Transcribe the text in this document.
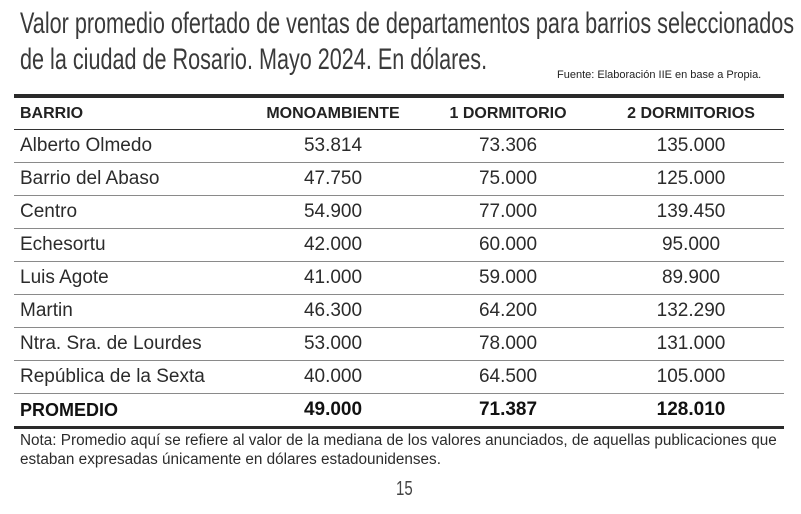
Valor promedio ofertado de ventas de departamentos para barrios seleccionados
de la ciudad de Rosario. Mayo 2024. En dólares.	Fuente: Elaboración IIE en base a Propia.
BARRIO	MONOAMBIENTE	1 DORMITORIO	2 DORMITORIOS
Alberto Olmedo	53.814	73.306	135.000
Barrio del Abaso	47.750	75.000	125.000
Centro	54.900	77.000	139.450
Echesortu	42.000	60.000	95.000
Luis Agote	41.000	59.000	89.900
Martin	46.300	64.200	132.290
Ntra. Sra. de Lourdes	53.000	78.000	131.000
República de la Sexta	40.000	64.500	105.000
PROMEDIO	49.000	71.387	128.010

Nota: Promedio aquí se refiere al valor de la mediana de los valores anunciados, de aquellas publicaciones que estaban expresadas únicamente en dólares estadounidenses.

15
